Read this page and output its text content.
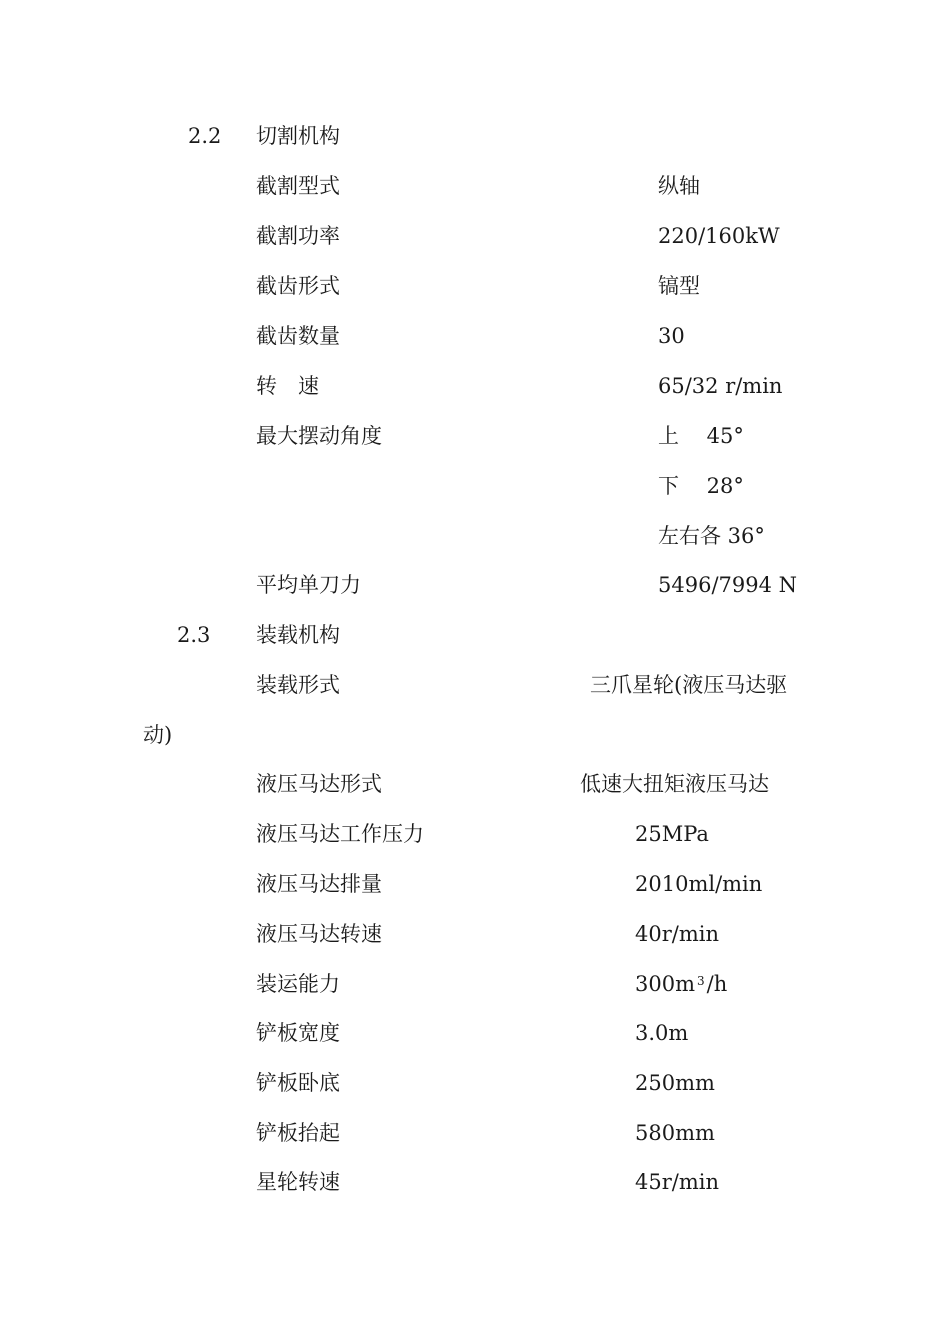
2.2 切割机构
截割型式	纵轴
截割功率	220/160kW
截齿形式	镐型
截齿数量	30
转　速	65/32 r/min
最大摆动角度	上　 45°
下　 28°
左右各 36°
平均单刀力	5496/7994 N
2.3 装载机构
装载形式	三爪星轮(液压马达驱
动)
液压马达形式	低速大扭矩液压马达
液压马达工作压力	25MPa
液压马达排量	2010ml/min
液压马达转速	40r/min
装运能力	300m $^3$/h
铲板宽度	3.0m
铲板卧底	250mm
铲板抬起	580mm
星轮转速	45r/min
